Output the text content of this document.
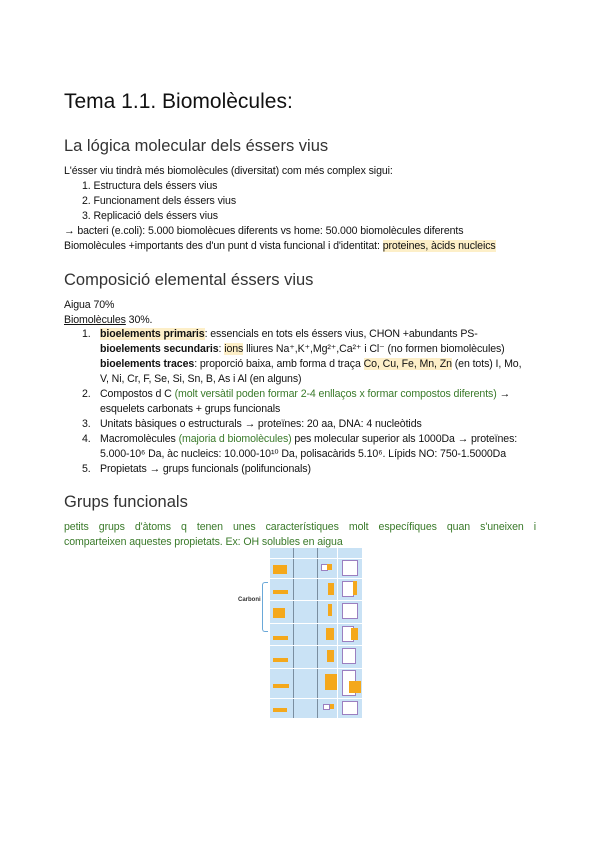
Tema 1.1. Biomolècules:
La lógica molecular dels éssers vius
L'ésser viu tindrà més biomolècules (diversitat) com més complex sigui:
1. Estructura dels éssers vius
2. Funcionament dels éssers vius
3. Replicació dels éssers vius
→ bacteri (e.coli): 5.000 biomolècues diferents vs home: 50.000 biomolècules diferents
Biomolècules +importants des d'un punt d vista funcional i d'identitat: proteines, àcids nucleics
Composició elemental éssers vius
Aigua 70%
Biomolècules 30%.
1. bioelements primaris: essencials en tots els éssers vius, CHON +abundants PS-
bioelements secundaris: ions lliures Na⁺,K⁺,Mg²⁺,Ca²⁺ i Cl⁻ (no formen biomolècules)
bioelements traces: proporció baixa, amb forma d traça Co, Cu, Fe, Mn, Zn (en tots) I, Mo,
V, Ni, Cr, F, Se, Si, Sn, B, As i Al (en alguns)
2. Compostos d C (molt versàtil poden formar 2-4 enllaços x formar compostos diferents) →
esquelets carbonats + grups funcionals
3. Unitats bàsiques o estructurals → proteïnes: 20 aa, DNA: 4 nucleòtids
4. Macromolècules (majoria d biomolècules) pes molecular superior als 1000Da → proteïnes:
5.000-10⁶ Da, àc nucleics: 10.000-10¹⁰ Da, polisacàrids 5.10⁶. Lípids NO: 750-1.5000Da
5. Propietats → grups funcionals (polifuncionals)
Grups funcionals
petits grups d'àtoms q tenen unes característiques molt específiques quan s'uneixen i
comparteixen aquestes propietats. Ex: OH solubles en aigua
Carboni
